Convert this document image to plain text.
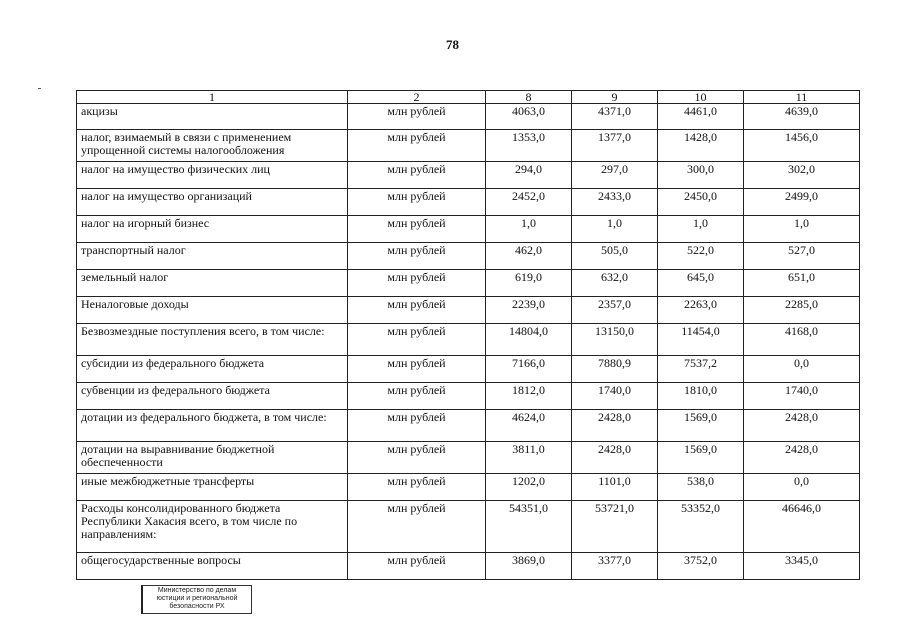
78
1	2	8	9	10	11
акцизы	млн рублей	4063,0	4371,0	4461,0	4639,0
налог, взимаемый в связи с применением упрощенной системы налогообложения	млн рублей	1353,0	1377,0	1428,0	1456,0
налог на имущество физических лиц	млн рублей	294,0	297,0	300,0	302,0
налог на имущество организаций	млн рублей	2452,0	2433,0	2450,0	2499,0
налог на игорный бизнес	млн рублей	1,0	1,0	1,0	1,0
транспортный налог	млн рублей	462,0	505,0	522,0	527,0
земельный налог	млн рублей	619,0	632,0	645,0	651,0
Неналоговые доходы	млн рублей	2239,0	2357,0	2263,0	2285,0
Безвозмездные поступления всего, в том числе:	млн рублей	14804,0	13150,0	11454,0	4168,0
субсидии из федерального бюджета	млн рублей	7166,0	7880,9	7537,2	0,0
субвенции из федерального бюджета	млн рублей	1812,0	1740,0	1810,0	1740,0
дотации из федерального бюджета, в том числе:	млн рублей	4624,0	2428,0	1569,0	2428,0
дотации на выравнивание бюджетной обеспеченности	млн рублей	3811,0	2428,0	1569,0	2428,0
иные межбюджетные трансферты	млн рублей	1202,0	1101,0	538,0	0,0
Расходы консолидированного бюджета Республики Хакасия всего, в том числе по направлениям:	млн рублей	54351,0	53721,0	53352,0	46646,0
общегосударственные вопросы	млн рублей	3869,0	3377,0	3752,0	3345,0
Министерство по делам
юстиции и региональной
безопасности РХ
